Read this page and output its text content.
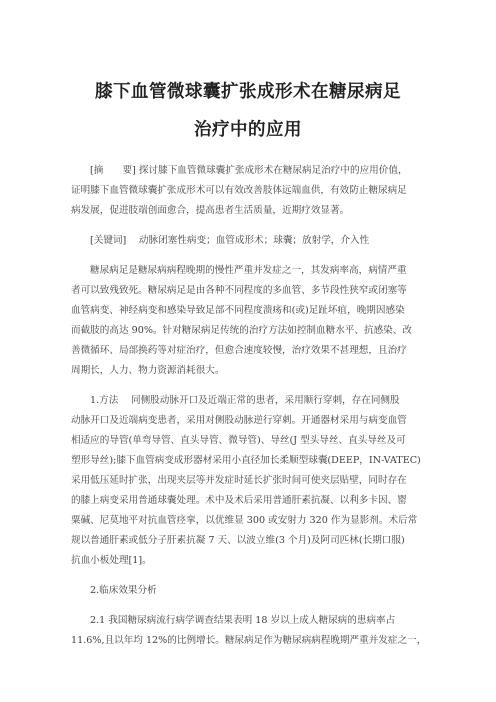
膝下血管微球囊扩张成形术在糖尿病足
治疗中的应用
[摘　　要] 探讨膝下血管微球囊扩张成形术在糖尿病足治疗中的应用价值，
证明膝下血管微球囊扩张成形术可以有效改善肢体远端血供，有效防止糖尿病足
病发展，促进肢端创面愈合，提高患者生活质量，近期疗效显著。
[关键词]　 动脉闭塞性病变；血管成形术；球囊；放射学，介入性
糖尿病足是糖尿病病程晚期的慢性严重并发症之一，其发病率高，病情严重
者可以致残致死。糖尿病足是由各种不同程度的多血管、多节段性狭窄或闭塞等
血管病变、神经病变和感染导致足部不同程度溃疡和(或)足趾坏疽，晚期因感染
而截肢的高达 90%。针对糖尿病足传统的治疗方法如控制血糖水平、抗感染、改
善微循环、局部换药等对症治疗，但愈合速度较慢，治疗效果不甚理想，且治疗
周期长，人力、物力资源消耗很大。
1.方法　 同侧股动脉开口及近端正常的患者，采用顺行穿刺，存在同侧股
动脉开口及近端病变患者，采用对侧股动脉逆行穿刺。开通器材采用与病变血管
相适应的导管(单弯导管、直头导管、微导管)、导丝(J 型头导丝、直头导丝及可
塑形导丝);膝下血管病变成形器材采用小直径加长柔顺型球囊(DEEP，IN-VATEC)
采用低压延时扩张，出现夹层等并发症时延长扩张时间可使夹层贴壁，同时存在
的膝上病变采用普通球囊处理。术中及术后采用普通肝素抗凝、以利多卡因、罂
粟碱、尼莫地平对抗血管痉挛，以优维显 300 或安射力 320 作为显影剂。术后常
规以普通肝素或低分子肝素抗凝 7 天、以波立维(3 个月)及阿司匹林(长期口服)
抗血小板处理[1]。
2.临床效果分析
2.1 我国糖尿病流行病学调查结果表明 18 岁以上成人糖尿病的患病率占
11.6%,且以年均 12%的比例增长。糖尿病足作为糖尿病病程晚期严重并发症之一，
